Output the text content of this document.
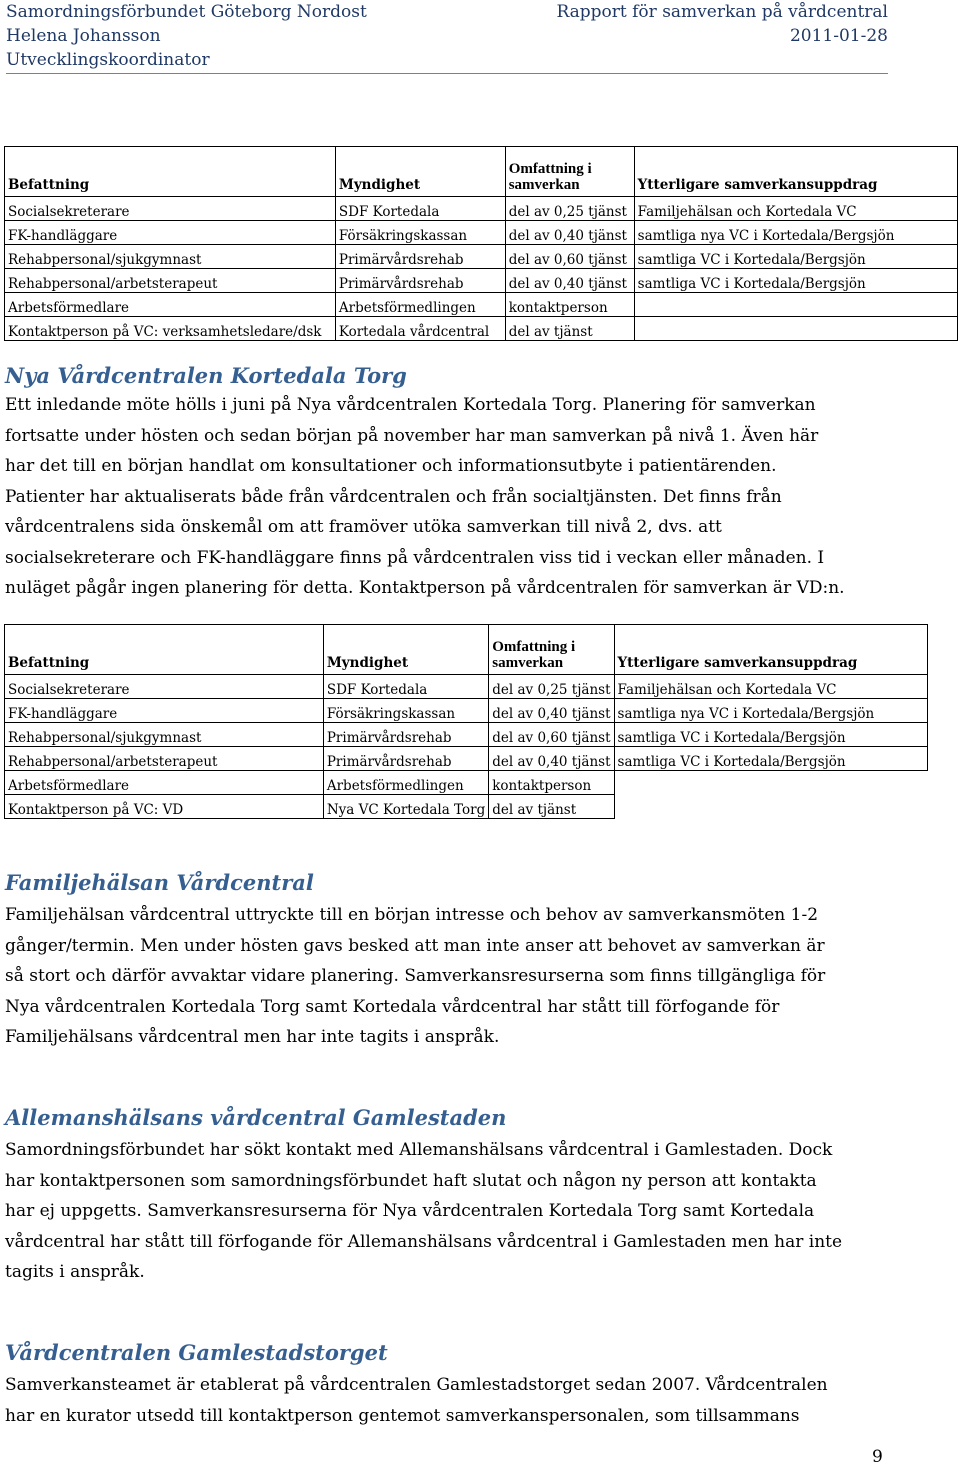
Samordningsförbundet Göteborg Nordost	Rapport för samverkan på vårdcentral
Helena Johansson	2011-01-28
Utvecklingskoordinator
Befattning	Myndighet	Omfattning i samverkan	Ytterligare samverkansuppdrag
Socialsekreterare	SDF Kortedala	del av 0,25 tjänst	Familjehälsan och Kortedala VC
FK-handläggare	Försäkringskassan	del av 0,40 tjänst	samtliga nya VC i Kortedala/Bergsjön
Rehabpersonal/sjukgymnast	Primärvårdsrehab	del av 0,60 tjänst	samtliga VC i Kortedala/Bergsjön
Rehabpersonal/arbetsterapeut	Primärvårdsrehab	del av 0,40 tjänst	samtliga VC i Kortedala/Bergsjön
Arbetsförmedlare	Arbetsförmedlingen	kontaktperson	
Kontaktperson på VC: verksamhetsledare/dsk	Kortedala vårdcentral	del av tjänst	
Nya Vårdcentralen Kortedala Torg
Ett inledande möte hölls i juni på Nya vårdcentralen Kortedala Torg. Planering för samverkan
fortsatte under hösten och sedan början på november har man samverkan på nivå 1. Även här
har det till en början handlat om konsultationer och informationsutbyte i patientärenden.
Patienter har aktualiserats både från vårdcentralen och från socialtjänsten. Det finns från
vårdcentralens sida önskemål om att framöver utöka samverkan till nivå 2, dvs. att
socialsekreterare och FK-handläggare finns på vårdcentralen viss tid i veckan eller månaden. I
nuläget pågår ingen planering för detta. Kontaktperson på vårdcentralen för samverkan är VD:n.
Befattning	Myndighet	Omfattning i samverkan	Ytterligare samverkansuppdrag
Socialsekreterare	SDF Kortedala	del av 0,25 tjänst	Familjehälsan och Kortedala VC
FK-handläggare	Försäkringskassan	del av 0,40 tjänst	samtliga nya VC i Kortedala/Bergsjön
Rehabpersonal/sjukgymnast	Primärvårdsrehab	del av 0,60 tjänst	samtliga VC i Kortedala/Bergsjön
Rehabpersonal/arbetsterapeut	Primärvårdsrehab	del av 0,40 tjänst	samtliga VC i Kortedala/Bergsjön
Arbetsförmedlare	Arbetsförmedlingen	kontaktperson	
Kontaktperson på VC: VD	Nya VC Kortedala Torg	del av tjänst	
Familjehälsan Vårdcentral
Familjehälsan vårdcentral uttryckte till en början intresse och behov av samverkansmöten 1-2
gånger/termin. Men under hösten gavs besked att man inte anser att behovet av samverkan är
så stort och därför avvaktar vidare planering. Samverkansresurserna som finns tillgängliga för
Nya vårdcentralen Kortedala Torg samt Kortedala vårdcentral har stått till förfogande för
Familjehälsans vårdcentral men har inte tagits i anspråk.
Allemanshälsans vårdcentral Gamlestaden
Samordningsförbundet har sökt kontakt med Allemanshälsans vårdcentral i Gamlestaden. Dock
har kontaktpersonen som samordningsförbundet haft slutat och någon ny person att kontakta
har ej uppgetts. Samverkansresurserna för Nya vårdcentralen Kortedala Torg samt Kortedala
vårdcentral har stått till förfogande för Allemanshälsans vårdcentral i Gamlestaden men har inte
tagits i anspråk.
Vårdcentralen Gamlestadstorget
Samverkansteamet är etablerat på vårdcentralen Gamlestadstorget sedan 2007. Vårdcentralen
har en kurator utsedd till kontaktperson gentemot samverkanspersonalen, som tillsammans
9
